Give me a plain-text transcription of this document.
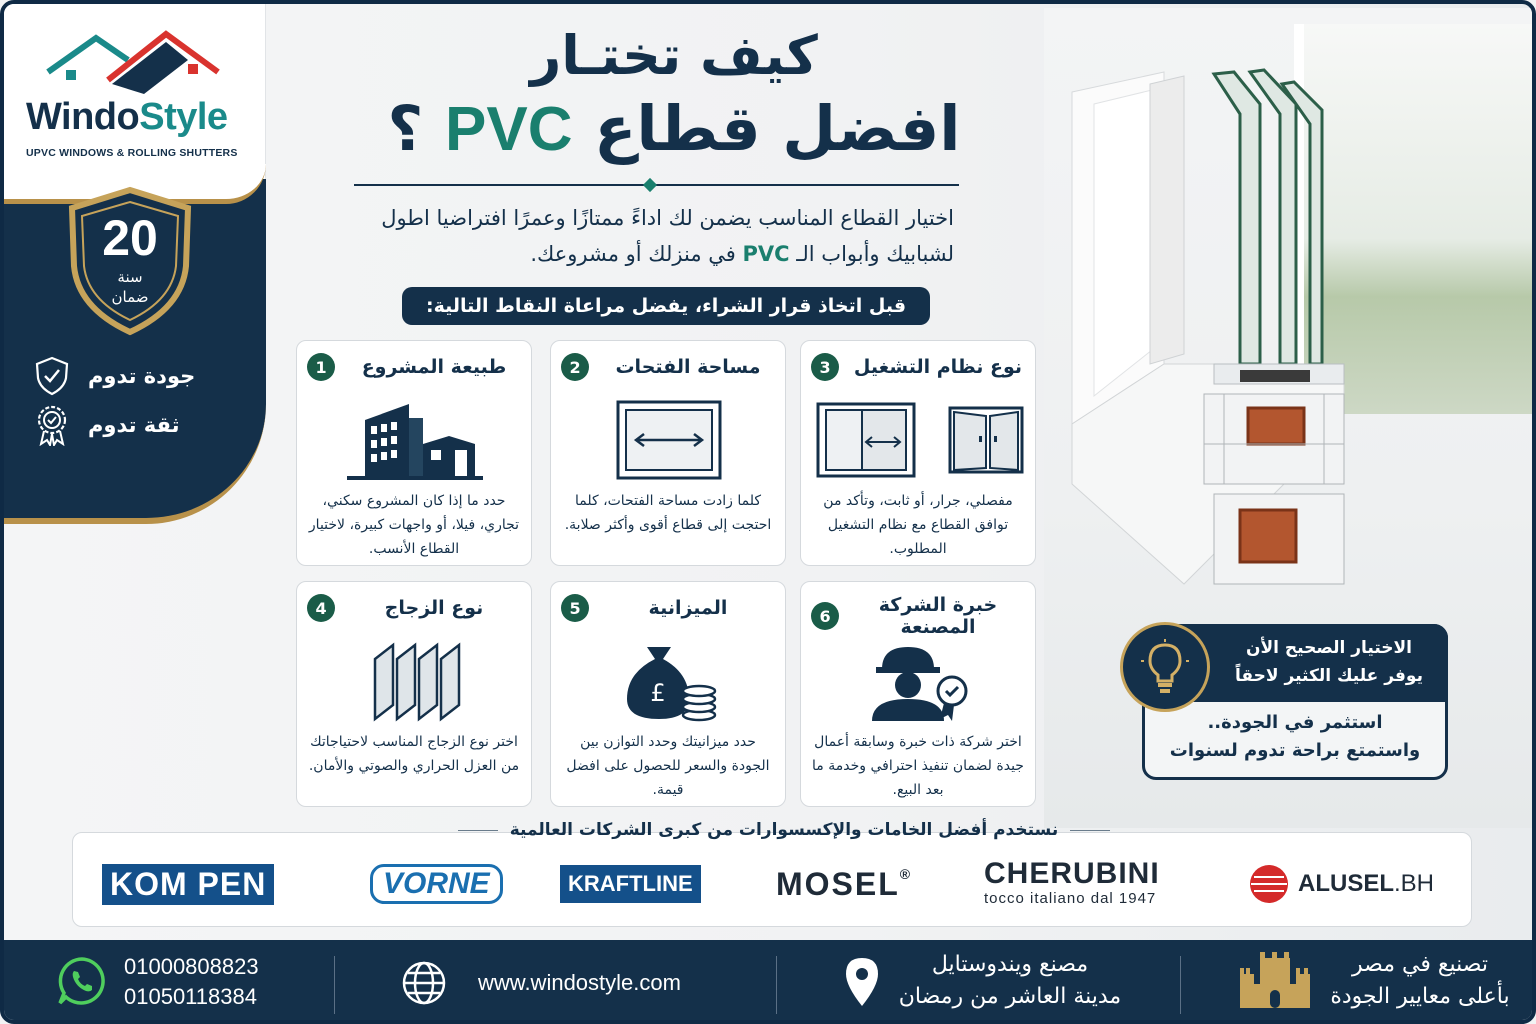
WindoStyle
UPVC WINDOWS & ROLLING SHUTTERS
20
سنة
ضمان
جودة تدوم
ثقة تدوم
كيف تختـار
افضل قطاع PVC ؟
اختيار القطاع المناسب يضمن لك اداءً ممتازًا وعمرًا افتراضيا اطول
لشبابيك وأبواب الـ PVC في منزلك أو مشروعك.
قبل اتخاذ قرار الشراء، يفضل مراعاة النقاط التالية:
3	نوع نظام التشغيل
مفصلي، جرار، أو ثابت، وتأكد من توافق القطاع مع نظام التشغيل المطلوب.
2	مساحة الفتحات
كلما زادت مساحة الفتحات، كلما احتجت إلى قطاع أقوى وأكثر صلابة.
1	طبيعة المشروع
حدد ما إذا كان المشروع سكني، تجاري، فيلا، أو واجهات كبيرة، لاختيار القطاع الأنسب.
6	خبرة الشركة المصنعة
اختر شركة ذات خبرة وسابقة أعمال جيدة لضمان تنفيذ احترافي وخدمة ما بعد البيع.
5	الميزانية
£
حدد ميزانيتك وحدد التوازن بين الجودة والسعر للحصول على افضل قيمة.
4	نوع الزجاج
اختر نوع الزجاج المناسب لاحتياجاتك من العزل الحراري والصوتي والأمان.
الاختيار الصحيح الأن
يوفر عليك الكثير لاحقاً
استثمر في الجودة..
واستمتع براحة تدوم لسنوات
نستخدم أفضل الخامات والإكسسوارات من كبرى الشركات العالمية
KOM PEN	VORNE	KRAFTLINE	MOSEL® CHERUBINI
tocco italiano dal 1947
ALUSEL.BH
01000808823
01050118384
www.windostyle.com
مصنع ويندوستايل
مدينة العاشر من رمضان
تصنيع في مصر
بأعلى معايير الجودة
